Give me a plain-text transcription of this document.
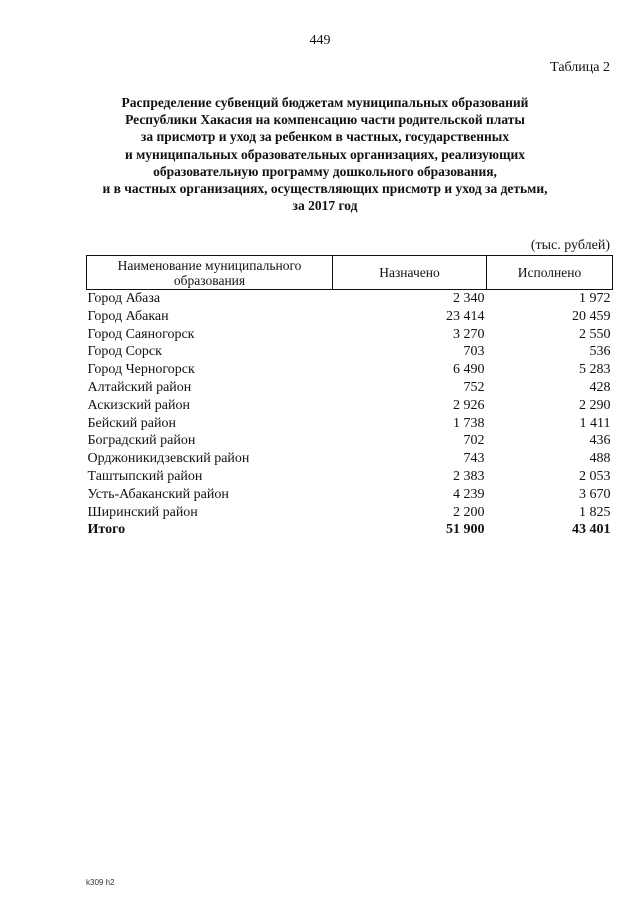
449
Таблица 2
Распределение субвенций бюджетам муниципальных образований
Республики Хакасия на компенсацию части родительской платы
за присмотр и уход за ребенком в частных, государственных
и муниципальных образовательных организациях, реализующих
образовательную программу дошкольного образования,
и в частных организациях, осуществляющих присмотр и уход за детьми,
за 2017 год
(тыс. рублей)
Наименование муниципального образования	Назначено	Исполнено
Город Абаза	2 340	1 972
Город Абакан	23 414	20 459
Город Саяногорск	3 270	2 550
Город Сорск	703	536
Город Черногорск	6 490	5 283
Алтайский район	752	428
Аскизский район	2 926	2 290
Бейский район	1 738	1 411
Боградский район	702	436
Орджоникидзевский район	743	488
Таштыпский район	2 383	2 053
Усть-Абаканский район	4 239	3 670
Ширинский район	2 200	1 825
Итого	51 900	43 401
k309 h2
